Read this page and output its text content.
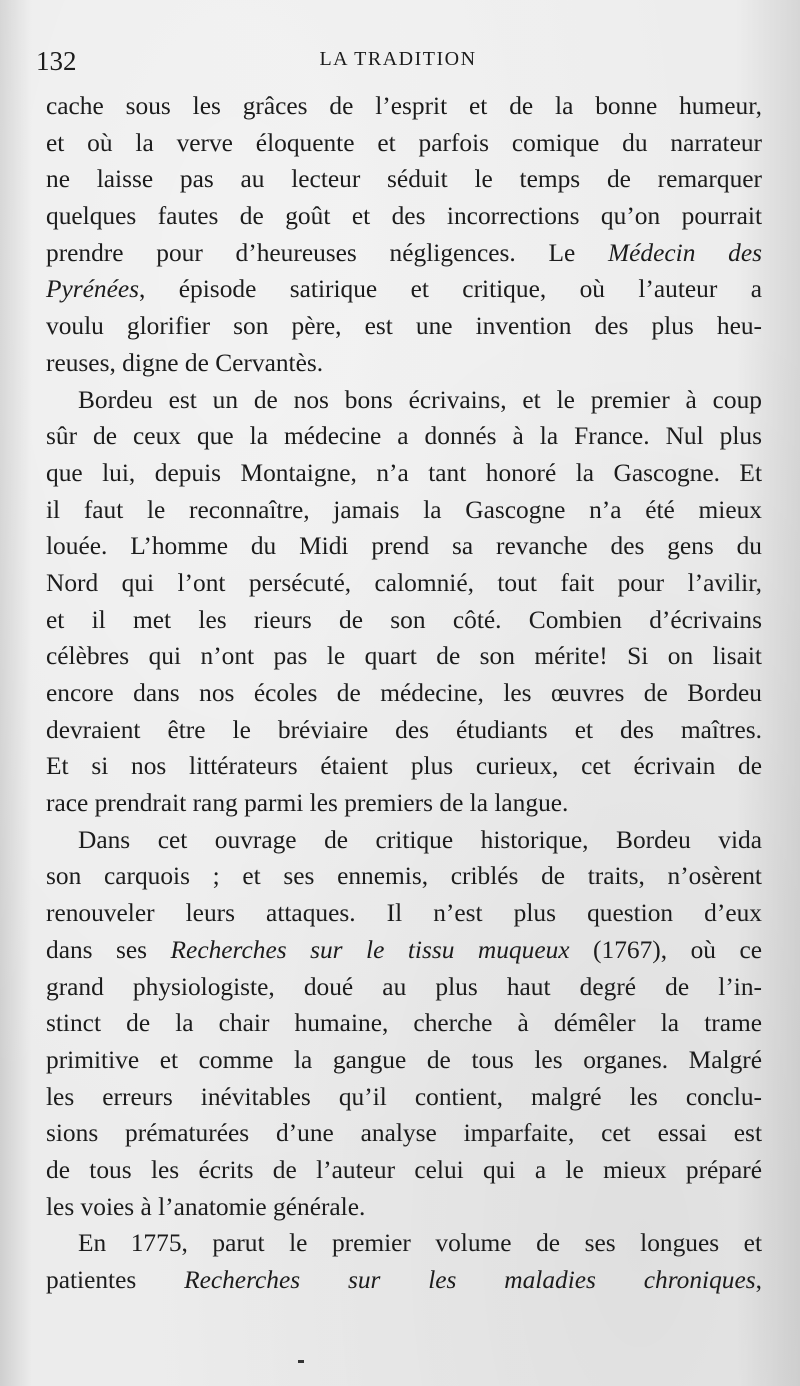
132	LA TRADITION
cache sous les grâces de l’esprit et de la bonne humeur,
et où la verve éloquente et parfois comique du narrateur
ne laisse pas au lecteur séduit le temps de remarquer
quelques fautes de goût et des incorrections qu’on pourrait
prendre pour d’heureuses négligences. Le Médecin des
Pyrénées, épisode satirique et critique, où l’auteur a
voulu glorifier son père, est une invention des plus heu-
reuses, digne de Cervantès.
Bordeu est un de nos bons écrivains, et le premier à coup
sûr de ceux que la médecine a donnés à la France. Nul plus
que lui, depuis Montaigne, n’a tant honoré la Gascogne. Et
il faut le reconnaître, jamais la Gascogne n’a été mieux
louée. L’homme du Midi prend sa revanche des gens du
Nord qui l’ont persécuté, calomnié, tout fait pour l’avilir,
et il met les rieurs de son côté. Combien d’écrivains
célèbres qui n’ont pas le quart de son mérite! Si on lisait
encore dans nos écoles de médecine, les œuvres de Bordeu
devraient être le bréviaire des étudiants et des maîtres.
Et si nos littérateurs étaient plus curieux, cet écrivain de
race prendrait rang parmi les premiers de la langue.
Dans cet ouvrage de critique historique, Bordeu vida
son carquois ; et ses ennemis, criblés de traits, n’osèrent
renouveler leurs attaques. Il n’est plus question d’eux
dans ses Recherches sur le tissu muqueux (1767), où ce
grand physiologiste, doué au plus haut degré de l’in-
stinct de la chair humaine, cherche à démêler la trame
primitive et comme la gangue de tous les organes. Malgré
les erreurs inévitables qu’il contient, malgré les conclu-
sions prématurées d’une analyse imparfaite, cet essai est
de tous les écrits de l’auteur celui qui a le mieux préparé
les voies à l’anatomie générale.
En 1775, parut le premier volume de ses longues et
patientes Recherches sur les maladies chroniques,
